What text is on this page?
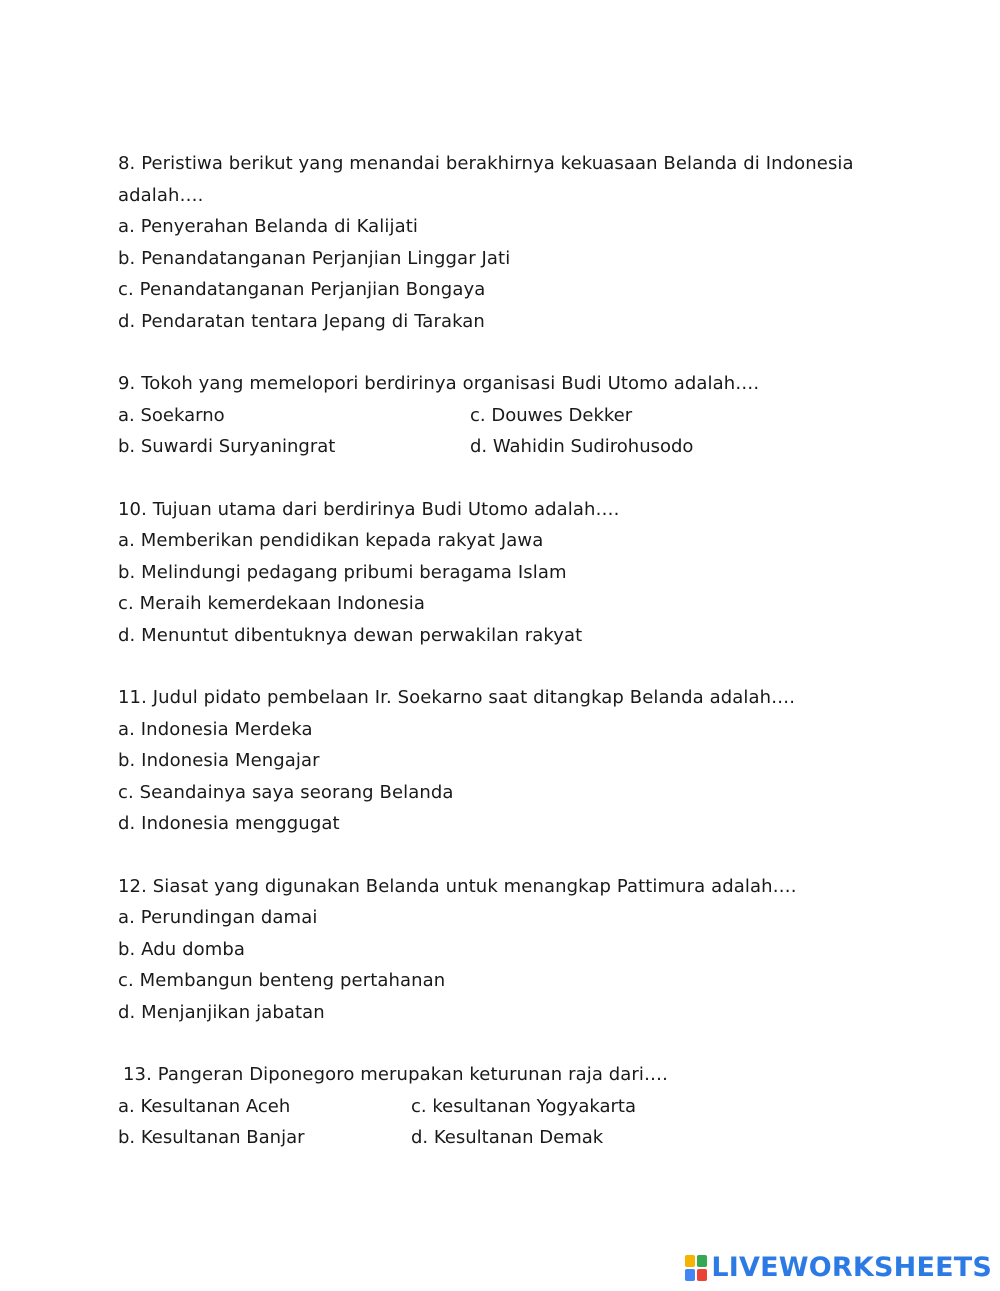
8. Peristiwa berikut yang menandai berakhirnya kekuasaan Belanda di Indonesia
adalah….
a. Penyerahan Belanda di Kalijati
b. Penandatanganan Perjanjian Linggar Jati
c. Penandatanganan Perjanjian Bongaya
d. Pendaratan tentara Jepang di Tarakan
9. Tokoh yang memelopori berdirinya organisasi Budi Utomo adalah….
a. Soekarno	c. Douwes Dekker
b. Suwardi Suryaningrat	d. Wahidin Sudirohusodo
10. Tujuan utama dari berdirinya Budi Utomo adalah….
a. Memberikan pendidikan kepada rakyat Jawa
b. Melindungi pedagang pribumi beragama Islam
c. Meraih kemerdekaan Indonesia
d. Menuntut dibentuknya dewan perwakilan rakyat
11. Judul pidato pembelaan Ir. Soekarno saat ditangkap Belanda adalah….
a. Indonesia Merdeka
b. Indonesia Mengajar
c. Seandainya saya seorang Belanda
d. Indonesia menggugat
12. Siasat yang digunakan Belanda untuk menangkap Pattimura adalah….
a. Perundingan damai
b. Adu domba
c. Membangun benteng pertahanan
d. Menjanjikan jabatan
13. Pangeran Diponegoro merupakan keturunan raja dari….
a. Kesultanan Aceh	c. kesultanan Yogyakarta
b. Kesultanan Banjar	d. Kesultanan Demak
LIVEWORKSHEETS
